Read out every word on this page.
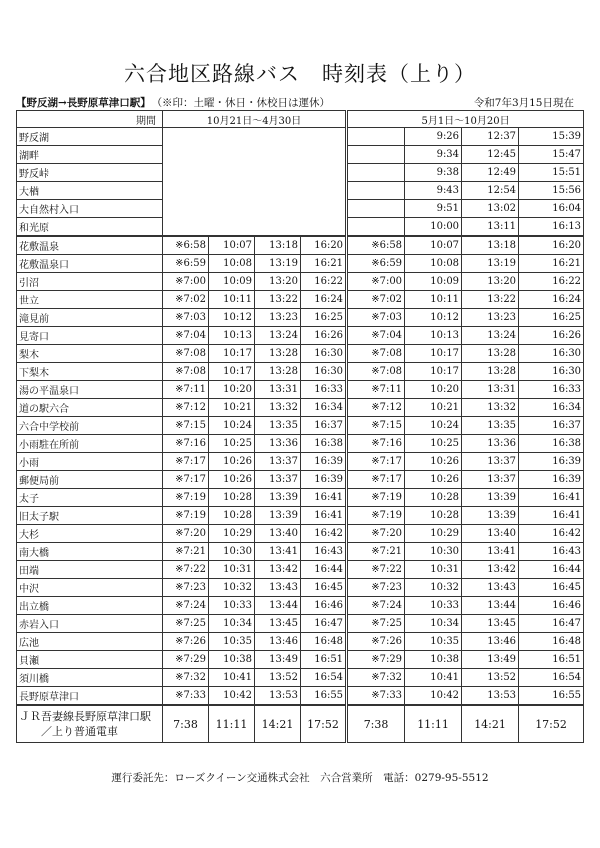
六合地区路線バス 時刻表（上り）
【野反湖→長野原草津口駅】 （※印：土曜・休日・休校日は運休）	令和7年3月15日現在
期間	10月21日～4月30日				5月1日～10月20日			
野反湖						9:26	12:37	15:39
湖畔						9:34	12:45	15:47
野反峠						9:38	12:49	15:51
大楢						9:43	12:54	15:56
大自然村入口						9:51	13:02	16:04
和光原						10:00	13:11	16:13
花敷温泉	※6:58	10:07	13:18	16:20	※6:58	10:07	13:18	16:20
花敷温泉口	※6:59	10:08	13:19	16:21	※6:59	10:08	13:19	16:21
引沼	※7:00	10:09	13:20	16:22	※7:00	10:09	13:20	16:22
世立	※7:02	10:11	13:22	16:24	※7:02	10:11	13:22	16:24
滝見前	※7:03	10:12	13:23	16:25	※7:03	10:12	13:23	16:25
見寄口	※7:04	10:13	13:24	16:26	※7:04	10:13	13:24	16:26
梨木	※7:08	10:17	13:28	16:30	※7:08	10:17	13:28	16:30
下梨木	※7:08	10:17	13:28	16:30	※7:08	10:17	13:28	16:30
湯の平温泉口	※7:11	10:20	13:31	16:33	※7:11	10:20	13:31	16:33
道の駅六合	※7:12	10:21	13:32	16:34	※7:12	10:21	13:32	16:34
六合中学校前	※7:15	10:24	13:35	16:37	※7:15	10:24	13:35	16:37
小雨駐在所前	※7:16	10:25	13:36	16:38	※7:16	10:25	13:36	16:38
小雨	※7:17	10:26	13:37	16:39	※7:17	10:26	13:37	16:39
郵便局前	※7:17	10:26	13:37	16:39	※7:17	10:26	13:37	16:39
太子	※7:19	10:28	13:39	16:41	※7:19	10:28	13:39	16:41
旧太子駅	※7:19	10:28	13:39	16:41	※7:19	10:28	13:39	16:41
大杉	※7:20	10:29	13:40	16:42	※7:20	10:29	13:40	16:42
南大橋	※7:21	10:30	13:41	16:43	※7:21	10:30	13:41	16:43
田端	※7:22	10:31	13:42	16:44	※7:22	10:31	13:42	16:44
中沢	※7:23	10:32	13:43	16:45	※7:23	10:32	13:43	16:45
出立橋	※7:24	10:33	13:44	16:46	※7:24	10:33	13:44	16:46
赤岩入口	※7:25	10:34	13:45	16:47	※7:25	10:34	13:45	16:47
広池	※7:26	10:35	13:46	16:48	※7:26	10:35	13:46	16:48
貝瀬	※7:29	10:38	13:49	16:51	※7:29	10:38	13:49	16:51
須川橋	※7:32	10:41	13:52	16:54	※7:32	10:41	13:52	16:54
長野原草津口	※7:33	10:42	13:53	16:55	※7:33	10:42	13:53	16:55
ＪＲ吾妻線長野原草津口駅

／上り普通電車	7:38	11:11	14:21	17:52	7:38	11:11	14:21	17:52
運行委託先：ローズクイーン交通株式会社　六合営業所　電話：0279-95-5512
